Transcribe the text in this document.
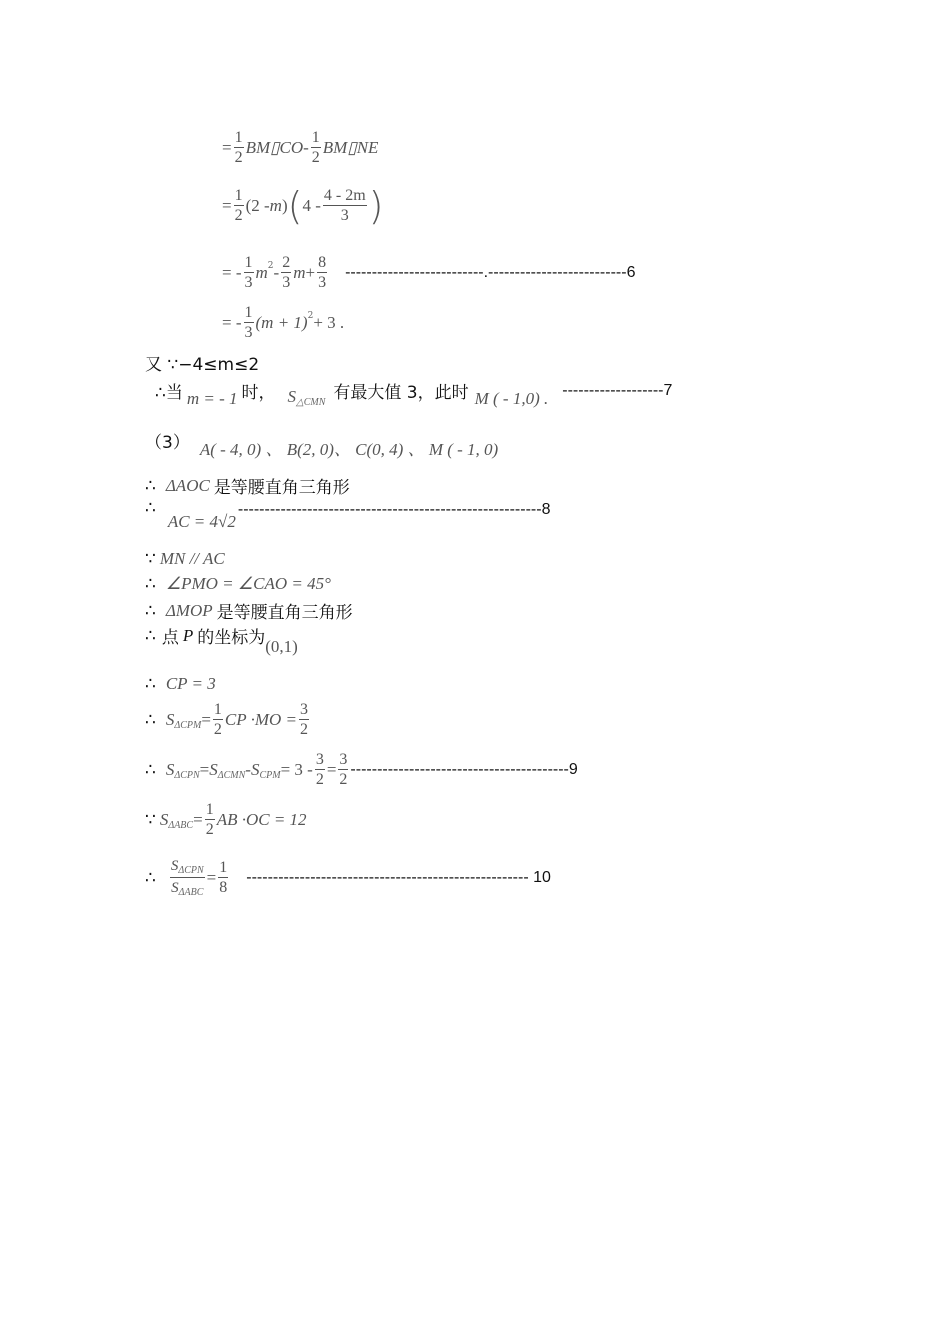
= $\frac{1}{2}$ BM▯CO - $\frac{1}{2}$ BM▯NE
= $\frac{1}{2} (2$ - m ) ( $4 - \frac{4 - 2m}{3}$ )
= - $\frac{1}{3}$ m $2 - \frac{2}{3}$ $m + \frac{8}{3} --------------------------.--------------------------6$
= - $\frac{1}{3} (m + 1) 2 + 3$ .
又 ∵−4≤m≤2
∴当 m = - 1 时， S △CMN 有最大值 3，此时 M ( - 1,0) . -------------------7
（3） A( - 4, 0) 、 B(2, 0)、 C(0, 4) 、 M ( - 1, 0)
∴ ΔAOC 是等腰直角三角形
∴
AC = 4√2
---------------------------------------------------------8
∵ MN // AC
∴ ∠PMO = ∠CAO = 45°
∴ ΔMOP 是等腰直角三角形
∴ 点 P 的坐标为 (0,1)
∴ CP = 3
∴ S $\Delta CPM = \frac{1}{2}$ CP $\cdot MO = \frac{3}{2}$
∴ S ΔCPN = S ΔCMN - S CPM = $3 - \frac{3}{2} = \frac{3}{2} -----------------------------------------9$
∵ S $\Delta ABC = \frac{1}{2}$ AB ·OC = 12
∴ $\frac{\text{SΔCPN}}{\text{SΔABC}} = \frac{1}{8}$ ----------------------------------------------------- 10
